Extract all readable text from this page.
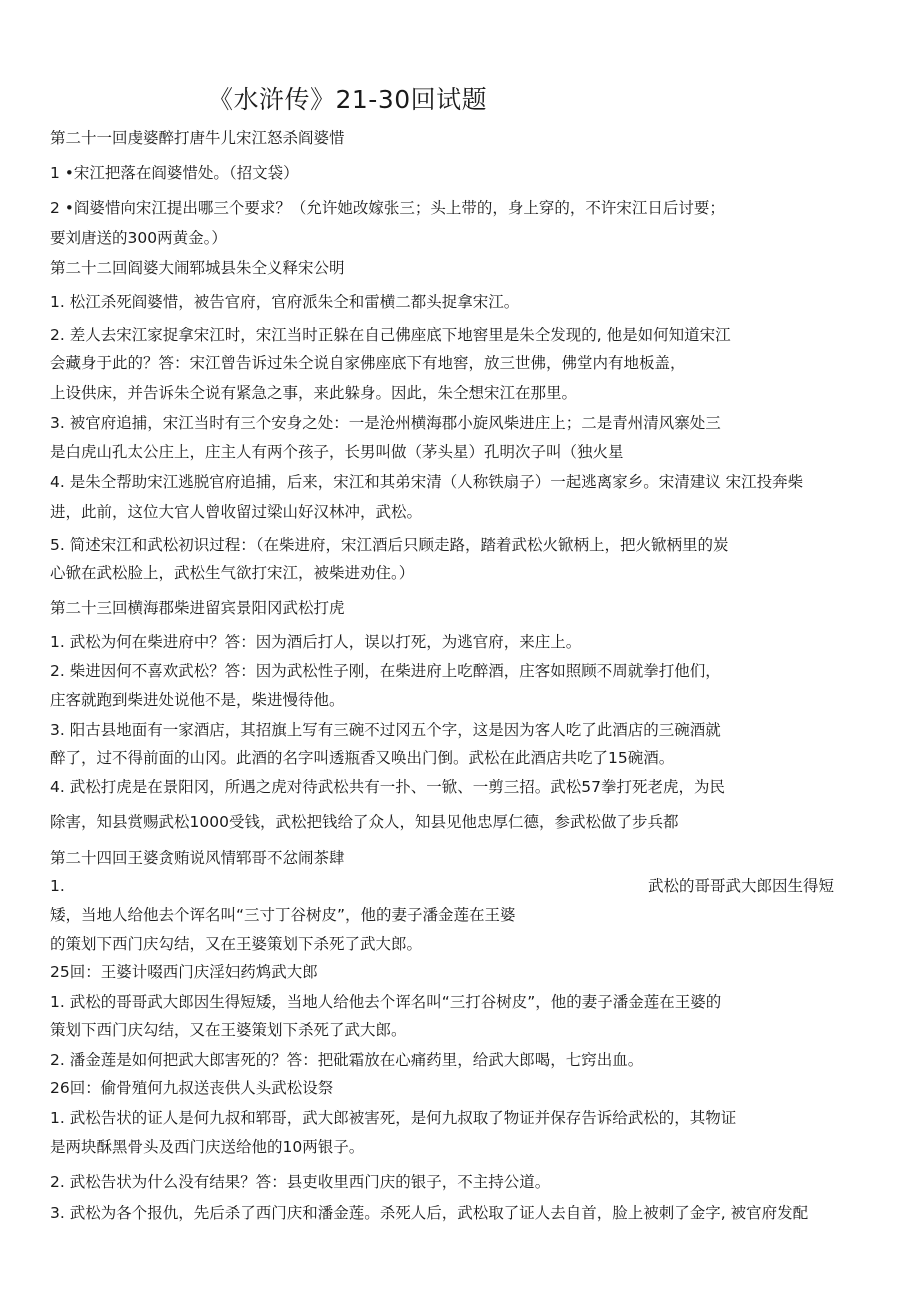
《水浒传》21-30回试题
第二十一回虔婆醉打唐牛儿宋江怒杀阎婆惜
1 •宋江把落在阎婆惜处。（招文袋）
2 •阎婆惜向宋江提出哪三个要求？（允许她改嫁张三；头上带的，身上穿的，不许宋江日后讨要；
要刘唐送的300两黄金。）
第二十二回阎婆大闹郓城县朱仝义释宋公明
1. 松江杀死阎婆惜，被告官府，官府派朱仝和雷横二都头捉拿宋江。
2. 差人去宋江家捉拿宋江时，宋江当时正躲在自己佛座底下地窖里是朱仝发现的, 他是如何知道宋江
会藏身于此的？答：宋江曾告诉过朱仝说自家佛座底下有地窖，放三世佛，佛堂内有地板盖，
上设供床，并告诉朱仝说有紧急之事，来此躲身。因此，朱仝想宋江在那里。
3. 被官府追捕，宋江当时有三个安身之处：一是沧州横海郡小旋风柴进庄上；二是青州清风寨处三
是白虎山孔太公庄上，庄主人有两个孩子，长男叫做（茅头星）孔明次子叫（独火星
4. 是朱仝帮助宋江逃脱官府追捕，后来，宋江和其弟宋清（人称铁扇子）一起逃离家乡。宋清建议 宋江投奔柴
进，此前，这位大官人曾收留过梁山好汉林冲，武松。
5. 简述宋江和武松初识过程：（在柴进府，宋江酒后只顾走路，踏着武松火锨柄上，把火锨柄里的炭
心锨在武松脸上，武松生气欲打宋江，被柴进劝住。）
第二十三回横海郡柴进留宾景阳冈武松打虎
1. 武松为何在柴进府中？答：因为酒后打人，误以打死，为逃官府，来庄上。
2. 柴进因何不喜欢武松？答：因为武松性子刚，在柴进府上吃醉酒，庄客如照顾不周就拳打他们，
庄客就跑到柴进处说他不是，柴进慢待他。
3. 阳古县地面有一家酒店，其招旗上写有三碗不过冈五个字，这是因为客人吃了此酒店的三碗酒就
醉了，过不得前面的山冈。此酒的名字叫透瓶香又唤出门倒。武松在此酒店共吃了15碗酒。
4. 武松打虎是在景阳冈，所遇之虎对待武松共有一扑、一锨、一剪三招。武松57拳打死老虎，为民
除害，知县赏赐武松1000受钱，武松把钱给了众人，知县见他忠厚仁德，参武松做了步兵都
第二十四回王婆贪贿说风情郓哥不忿闹茶肆
1.	武松的哥哥武大郎因生得短
矮，当地人给他去个诨名叫“三寸丁谷树皮”，他的妻子潘金莲在王婆
的策划下西门庆勾结，又在王婆策划下杀死了武大郎。
25回：王婆计啜西门庆淫妇药鸩武大郎
1. 武松的哥哥武大郎因生得短矮，当地人给他去个诨名叫“三打谷树皮”，他的妻子潘金莲在王婆的
策划下西门庆勾结，又在王婆策划下杀死了武大郎。
2. 潘金莲是如何把武大郎害死的？答：把砒霜放在心痛药里，给武大郎喝，七窍出血。
26回：偷骨殖何九叔送丧供人头武松设祭
1. 武松告状的证人是何九叔和郓哥，武大郎被害死，是何九叔取了物证并保存告诉给武松的，其物证
是两块酥黑骨头及西门庆送给他的10两银子。
2. 武松告状为什么没有结果？答：县吏收里西门庆的银子，不主持公道。
3. 武松为各个报仇，先后杀了西门庆和潘金莲。杀死人后，武松取了证人去自首，脸上被刺了金字, 被官府发配
